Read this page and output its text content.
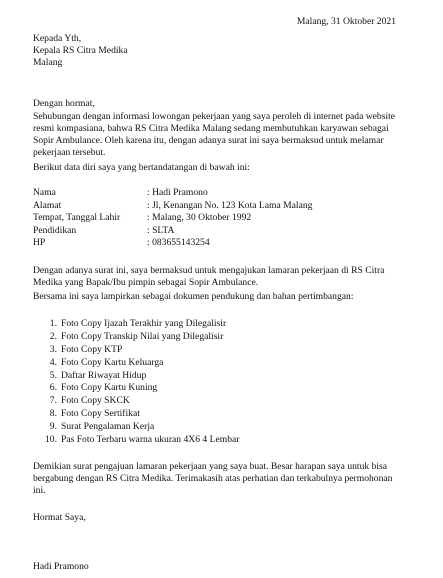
Malang, 31 Oktober 2021
Kepada Yth,
Kepala RS Citra Medika
Malang
Dengan hormat,
Sehubungan dengan informasi lowongan pekerjaan yang saya peroleh di internet pada website
resmi kompasiana, bahwa RS Citra Medika Malang sedang membutuhkan karyawan sebagai
Sopir Ambulance. Oleh karena itu, dengan adanya surat ini saya bermaksud untuk melamar
pekerjaan tersebut.
Berikut data diri saya yang bertandatangan di bawah ini:
Nama	: Hadi Pramono
Alamat	: Jl, Kenangan No. 123 Kota Lama Malang
Tempat, Tanggal Lahir	: Malang, 30 Oktober 1992
Pendidikan	: SLTA
HP	: 083655143254
Dengan adanya surat ini, saya bermaksud untuk mengajukan lamaran pekerjaan di RS Citra
Medika yang Bapak/Ibu pimpin sebagai Sopir Ambulance.
Bersama ini saya lampirkan sebagai dokumen pendukung dan bahan pertimbangan:
1. Foto Copy Ijazah Terakhir yang Dilegalisir
2. Foto Copy Transkip Nilai yang Dilegalisir
3. Foto Copy KTP
4. Foto Copy Kartu Keluarga
5. Daftar Riwayat Hidup
6. Foto Copy Kartu Kuning
7. Foto Copy SKCK
8. Foto Copy Sertifikat
9. Surat Pengalaman Kerja
10. Pas Foto Terbaru warna ukuran 4X6 4 Lembar
Demikian surat pengajuan lamaran pekerjaan yang saya buat. Besar harapan saya untuk bisa
bergabung dengan RS Citra Medika. Terimakasih atas perhatian dan terkabulnya permohonan
ini.
Hormat Saya,
Hadi Pramono
